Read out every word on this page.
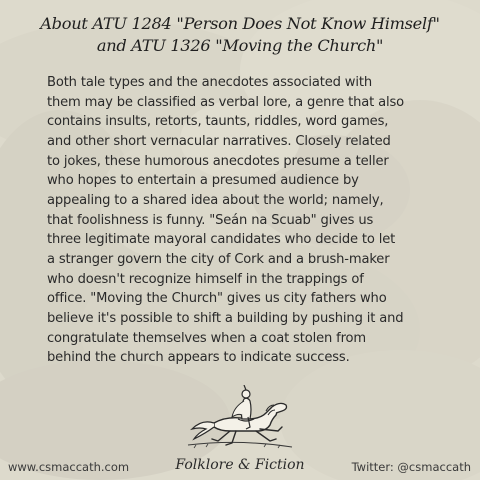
About ATU 1284 "Person Does Not Know Himself"
and ATU 1326 "Moving the Church"
Both tale types and the anecdotes associated with
them may be classified as verbal lore, a genre that also
contains insults, retorts, taunts, riddles, word games,
and other short vernacular narratives. Closely related
to jokes, these humorous anecdotes presume a teller
who hopes to entertain a presumed audience by
appealing to a shared idea about the world; namely,
that foolishness is funny. "Seán na Scuab" gives us
three legitimate mayoral candidates who decide to let
a stranger govern the city of Cork and a brush-maker
who doesn't recognize himself in the trappings of
office. "Moving the Church" gives us city fathers who
believe it's possible to shift a building by pushing it and
congratulate themselves when a coat stolen from
behind the church appears to indicate success.
www.csmaccath.com	Folklore & Fiction	Twitter: @csmaccath
